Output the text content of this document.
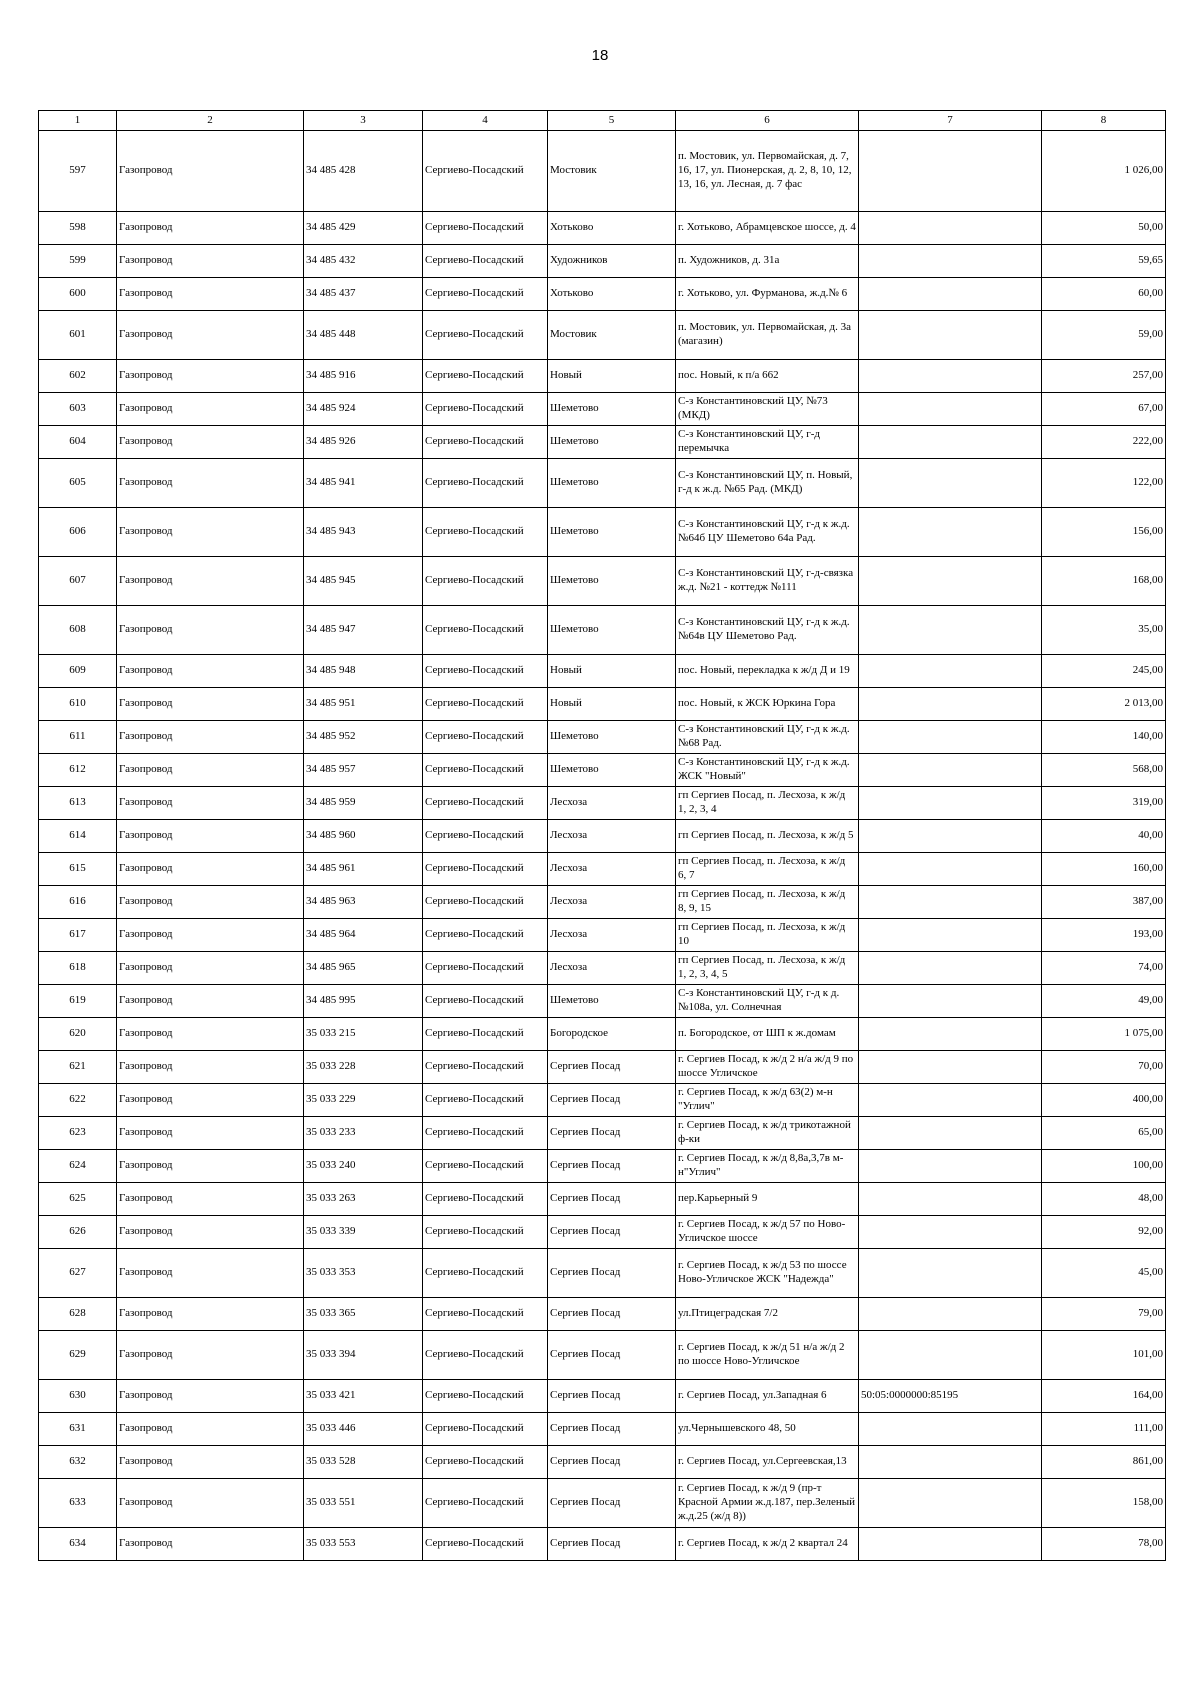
18
1	2	3	4	5	6	7	8
597	Газопровод	34 485 428	Сергиево-Посадский	Мостовик	п. Мостовик, ул. Первомайская, д. 7, 16, 17, ул. Пионерская, д. 2, 8, 10, 12, 13, 16, ул. Лесная, д. 7 фас		1 026,00
598	Газопровод	34 485 429	Сергиево-Посадский	Хотьково	г. Хотьково, Абрамцевское шоссе, д. 4		50,00
599	Газопровод	34 485 432	Сергиево-Посадский	Художников	п. Художников, д. 31а		59,65
600	Газопровод	34 485 437	Сергиево-Посадский	Хотьково	г. Хотьково, ул. Фурманова, ж.д.№ 6		60,00
601	Газопровод	34 485 448	Сергиево-Посадский	Мостовик	п. Мостовик, ул. Первомайская, д. 3а (магазин)		59,00
602	Газопровод	34 485 916	Сергиево-Посадский	Новый	пос. Новый, к п/а 662		257,00
603	Газопровод	34 485 924	Сергиево-Посадский	Шеметово	С-з Константиновский ЦУ, №73 (МКД)		67,00
604	Газопровод	34 485 926	Сергиево-Посадский	Шеметово	С-з Константиновский ЦУ, г-д перемычка		222,00
605	Газопровод	34 485 941	Сергиево-Посадский	Шеметово	С-з Константиновский ЦУ, п. Новый, г-д к ж.д. №65 Рад. (МКД)		122,00
606	Газопровод	34 485 943	Сергиево-Посадский	Шеметово	С-з Константиновский ЦУ, г-д к ж.д. №64б ЦУ Шеметово 64а Рад.		156,00
607	Газопровод	34 485 945	Сергиево-Посадский	Шеметово	С-з Константиновский ЦУ, г-д-связка ж.д. №21 - коттедж №111		168,00
608	Газопровод	34 485 947	Сергиево-Посадский	Шеметово	С-з Константиновский ЦУ, г-д к ж.д. №64в ЦУ Шеметово Рад.		35,00
609	Газопровод	34 485 948	Сергиево-Посадский	Новый	пос. Новый, перекладка к ж/д Д и 19		245,00
610	Газопровод	34 485 951	Сергиево-Посадский	Новый	пос. Новый, к ЖСК Юркина Гора		2 013,00
611	Газопровод	34 485 952	Сергиево-Посадский	Шеметово	С-з Константиновский ЦУ, г-д к ж.д. №68 Рад.		140,00
612	Газопровод	34 485 957	Сергиево-Посадский	Шеметово	С-з Константиновский ЦУ, г-д к ж.д. ЖСК "Новый"		568,00
613	Газопровод	34 485 959	Сергиево-Посадский	Лесхоза	гп Сергиев Посад, п. Лесхоза, к ж/д 1, 2, 3, 4		319,00
614	Газопровод	34 485 960	Сергиево-Посадский	Лесхоза	гп Сергиев Посад, п. Лесхоза, к ж/д 5		40,00
615	Газопровод	34 485 961	Сергиево-Посадский	Лесхоза	гп Сергиев Посад, п. Лесхоза, к ж/д 6, 7		160,00
616	Газопровод	34 485 963	Сергиево-Посадский	Лесхоза	гп Сергиев Посад, п. Лесхоза, к ж/д 8, 9, 15		387,00
617	Газопровод	34 485 964	Сергиево-Посадский	Лесхоза	гп Сергиев Посад, п. Лесхоза, к ж/д 10		193,00
618	Газопровод	34 485 965	Сергиево-Посадский	Лесхоза	гп Сергиев Посад, п. Лесхоза, к ж/д 1, 2, 3, 4, 5		74,00
619	Газопровод	34 485 995	Сергиево-Посадский	Шеметово	С-з Константиновский ЦУ, г-д к д. №108а, ул. Солнечная		49,00
620	Газопровод	35 033 215	Сергиево-Посадский	Богородское	п. Богородское, от ШП к ж.домам		1 075,00
621	Газопровод	35 033 228	Сергиево-Посадский	Сергиев Посад	г. Сергиев Посад, к ж/д 2 н/а ж/д 9 по шоссе Угличское		70,00
622	Газопровод	35 033 229	Сергиево-Посадский	Сергиев Посад	г. Сергиев Посад, к ж/д 63(2) м-н "Углич"		400,00
623	Газопровод	35 033 233	Сергиево-Посадский	Сергиев Посад	г. Сергиев Посад, к ж/д трикотажной ф-ки		65,00
624	Газопровод	35 033 240	Сергиево-Посадский	Сергиев Посад	г. Сергиев Посад, к ж/д 8,8а,3,7в м-н"Углич"		100,00
625	Газопровод	35 033 263	Сергиево-Посадский	Сергиев Посад	пер.Карьерный 9		48,00
626	Газопровод	35 033 339	Сергиево-Посадский	Сергиев Посад	г. Сергиев Посад, к ж/д 57 по Ново-Угличское шоссе		92,00
627	Газопровод	35 033 353	Сергиево-Посадский	Сергиев Посад	г. Сергиев Посад, к ж/д 53 по шоссе Ново-Угличское ЖСК "Надежда"		45,00
628	Газопровод	35 033 365	Сергиево-Посадский	Сергиев Посад	ул.Птицеградская 7/2		79,00
629	Газопровод	35 033 394	Сергиево-Посадский	Сергиев Посад	г. Сергиев Посад, к ж/д 51 н/а ж/д 2 по шоссе Ново-Угличское		101,00
630	Газопровод	35 033 421	Сергиево-Посадский	Сергиев Посад	г. Сергиев Посад, ул.Западная 6	50:05:0000000:85195	164,00
631	Газопровод	35 033 446	Сергиево-Посадский	Сергиев Посад	ул.Чернышевского 48, 50		111,00
632	Газопровод	35 033 528	Сергиево-Посадский	Сергиев Посад	г. Сергиев Посад, ул.Сергеевская,13		861,00
633	Газопровод	35 033 551	Сергиево-Посадский	Сергиев Посад	г. Сергиев Посад, к ж/д 9 (пр-т Красной Армии ж.д.187, пер.Зеленый ж.д.25 (ж/д 8))		158,00
634	Газопровод	35 033 553	Сергиево-Посадский	Сергиев Посад	г. Сергиев Посад, к ж/д 2 квартал 24		78,00
